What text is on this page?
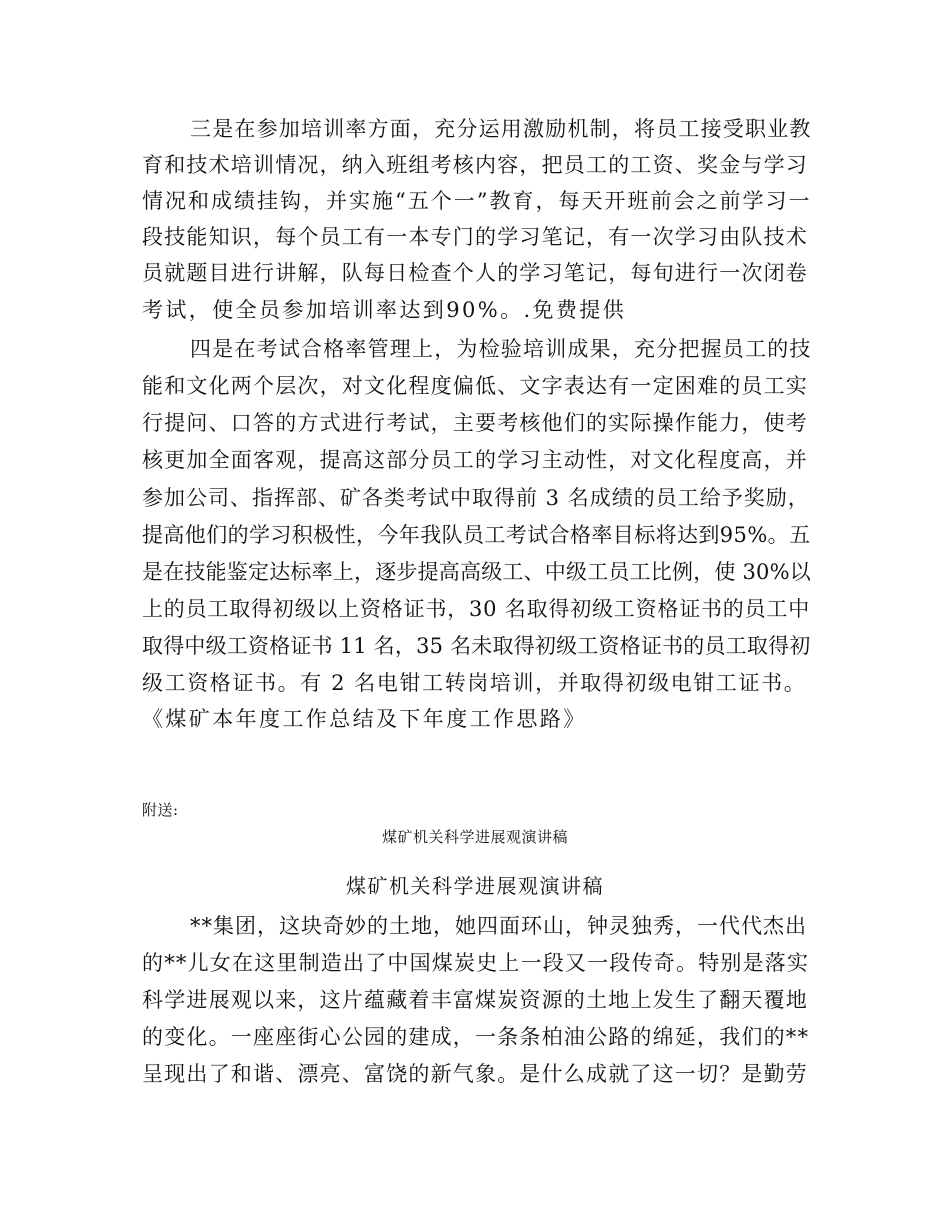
三是在参加培训率方面，充分运用激励机制，将员工接受职业教
育和技术培训情况，纳入班组考核内容，把员工的工资、奖金与学习
情况和成绩挂钩，并实施“五个一”教育，每天开班前会之前学习一
段技能知识，每个员工有一本专门的学习笔记，有一次学习由队技术
员就题目进行讲解，队每日检查个人的学习笔记，每旬进行一次闭卷
考试，使全员参加培训率达到90%。.免费提供
四是在考试合格率管理上，为检验培训成果，充分把握员工的技
能和文化两个层次，对文化程度偏低、文字表达有一定困难的员工实
行提问、口答的方式进行考试，主要考核他们的实际操作能力，使考
核更加全面客观，提高这部分员工的学习主动性，对文化程度高，并
参加公司、指挥部、矿各类考试中取得前 3 名成绩的员工给予奖励，
提高他们的学习积极性，今年我队员工考试合格率目标将达到95%。五
是在技能鉴定达标率上，逐步提高高级工、中级工员工比例，使 30%以
上的员工取得初级以上资格证书，30 名取得初级工资格证书的员工中
取得中级工资格证书 11 名，35 名未取得初级工资格证书的员工取得初
级工资格证书。有 2 名电钳工转岗培训，并取得初级电钳工证书。
《煤矿本年度工作总结及下年度工作思路》
附送:
煤矿机关科学进展观演讲稿
煤矿机关科学进展观演讲稿
**集团，这块奇妙的土地，她四面环山，钟灵独秀，一代代杰出
的**儿女在这里制造出了中国煤炭史上一段又一段传奇。特别是落实
科学进展观以来，这片蕴藏着丰富煤炭资源的土地上发生了翻天覆地
的变化。一座座街心公园的建成，一条条柏油公路的绵延，我们的**
呈现出了和谐、漂亮、富饶的新气象。是什么成就了这一切？是勤劳
